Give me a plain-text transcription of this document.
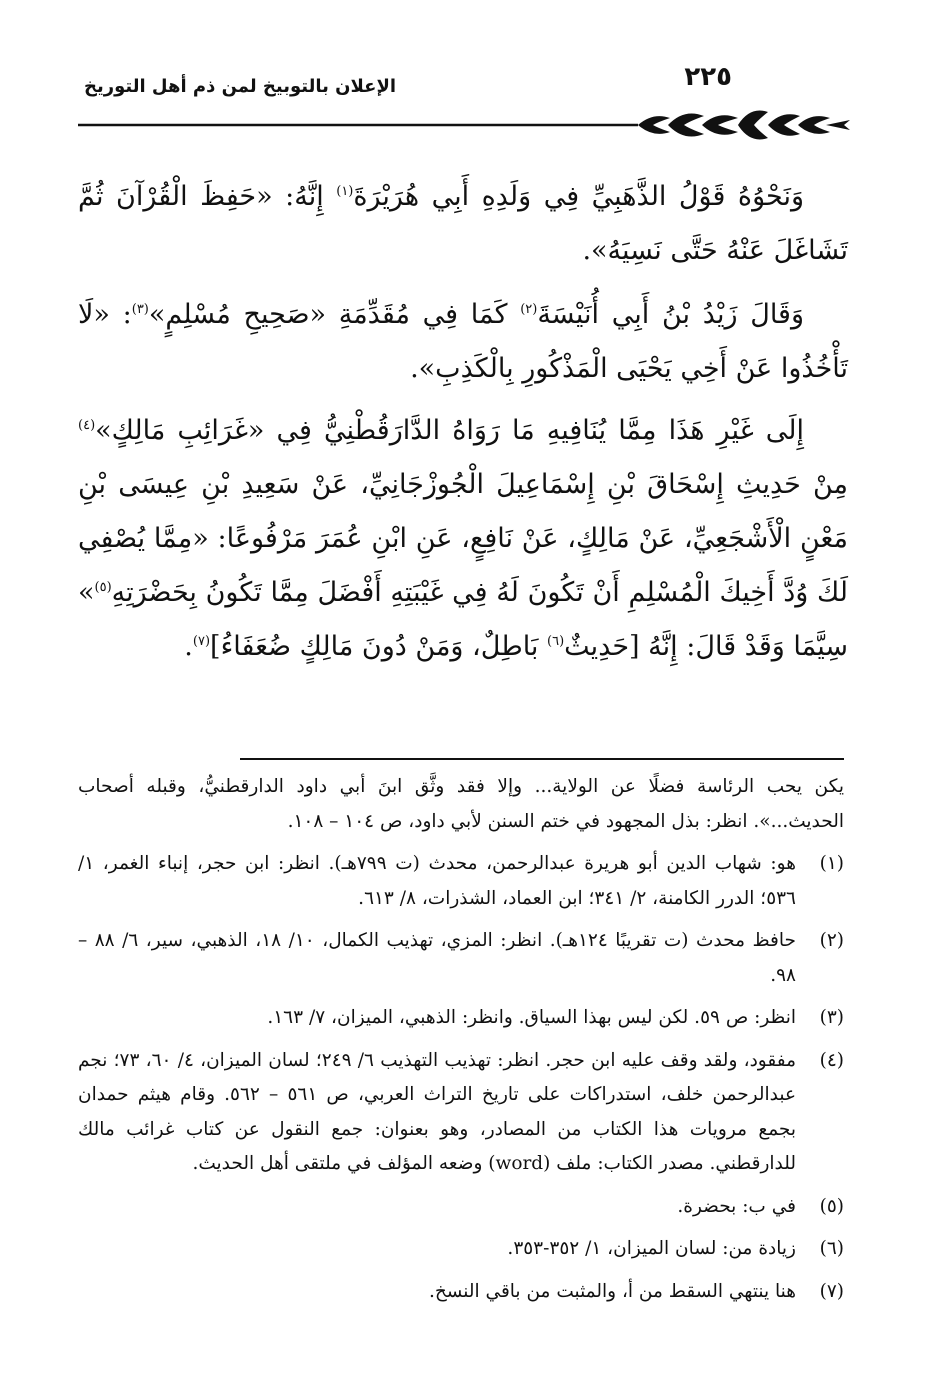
الإعلان بالتوبيخ لمن ذم أهل التوريخ	٢٢٥

وَنَحْوُهُ قَوْلُ الذَّهَبِيِّ فِي وَلَدِهِ أَبِي هُرَيْرَةَ$^{(١)}$ إِنَّهُ: «حَفِظَ الْقُرْآنَ ثُمَّ تَشَاغَلَ عَنْهُ حَتَّى نَسِيَهُ».

وَقَالَ زَيْدُ بْنُ أَبِي أُنَيْسَةَ$^{(٢)}$ كَمَا فِي مُقَدِّمَةِ «صَحِيحِ مُسْلِمٍ»$^{(٣)}$: «لَا تَأْخُذُوا عَنْ أَخِي يَحْيَى الْمَذْكُورِ بِالْكَذِبِ».

إِلَى غَيْرِ هَذَا مِمَّا يُنَافِيهِ مَا رَوَاهُ الدَّارَقُطْنِيُّ فِي «غَرَائِبِ مَالِكٍ»$^{(٤)}$ مِنْ حَدِيثِ إِسْحَاقَ بْنِ إِسْمَاعِيلَ الْجُوزْجَانِيِّ، عَنْ سَعِيدِ بْنِ عِيسَى بْنِ مَعْنٍ الْأَشْجَعِيِّ، عَنْ مَالِكٍ، عَنْ نَافِعٍ، عَنِ ابْنِ عُمَرَ مَرْفُوعًا: «مِمَّا يُصْفِي لَكَ وُدَّ أَخِيكَ الْمُسْلِمِ أَنْ تَكُونَ لَهُ فِي غَيْبَتِهِ أَفْضَلَ مِمَّا تَكُونُ بِحَضْرَتِهِ$^{(٥)}$» سِيَّمَا وَقَدْ قَالَ: إِنَّهُ [حَدِيثٌ$^{(٦)}$ بَاطِلٌ، وَمَنْ دُونَ مَالِكٍ ضُعَفَاءُ]$^{(٧)}$.

يكن يحب الرئاسة فضلًا عن الولاية... وإلا فقد وثَّق ابنَ أبي داود الدارقطنيُّ، وقبله أصحاب الحديث...». انظر: بذل المجهود في ختم السنن لأبي داود، ص ١٠٤ – ١٠٨.

(١)هو: شهاب الدين أبو هريرة عبدالرحمن، محدث (ت ٧٩٩هـ). انظر: ابن حجر، إنباء الغمر، ١/ ٥٣٦؛ الدرر الكامنة، ٢/ ٣٤١؛ ابن العماد، الشذرات، ٨/ ٦١٣.

(٢)حافظ محدث (ت تقريبًا ١٢٤هـ). انظر: المزي، تهذيب الكمال، ١٠/ ١٨، الذهبي، سير، ٦/ ٨٨ – ٩٨.

(٣)انظر: ص ٥٩. لكن ليس بهذا السياق. وانظر: الذهبي، الميزان، ٧/ ١٦٣.

(٤)مفقود، ولقد وقف عليه ابن حجر. انظر: تهذيب التهذيب ٦/ ٢٤٩؛ لسان الميزان، ٤/ ٦٠، ٧٣؛ نجم عبدالرحمن خلف، استدراكات على تاريخ التراث العربي، ص ٥٦١ – ٥٦٢. وقام هيثم حمدان بجمع مرويات هذا الكتاب من المصادر، وهو بعنوان: جمع النقول عن كتاب غرائب مالك للدارقطني. مصدر الكتاب: ملف (word) وضعه المؤلف في ملتقى أهل الحديث.

(٥)في ب: بحضرة.

(٦)زيادة من: لسان الميزان، ١/ ٣٥٢-٣٥٣.

(٧)هنا ينتهي السقط من أ، والمثبت من باقي النسخ.
